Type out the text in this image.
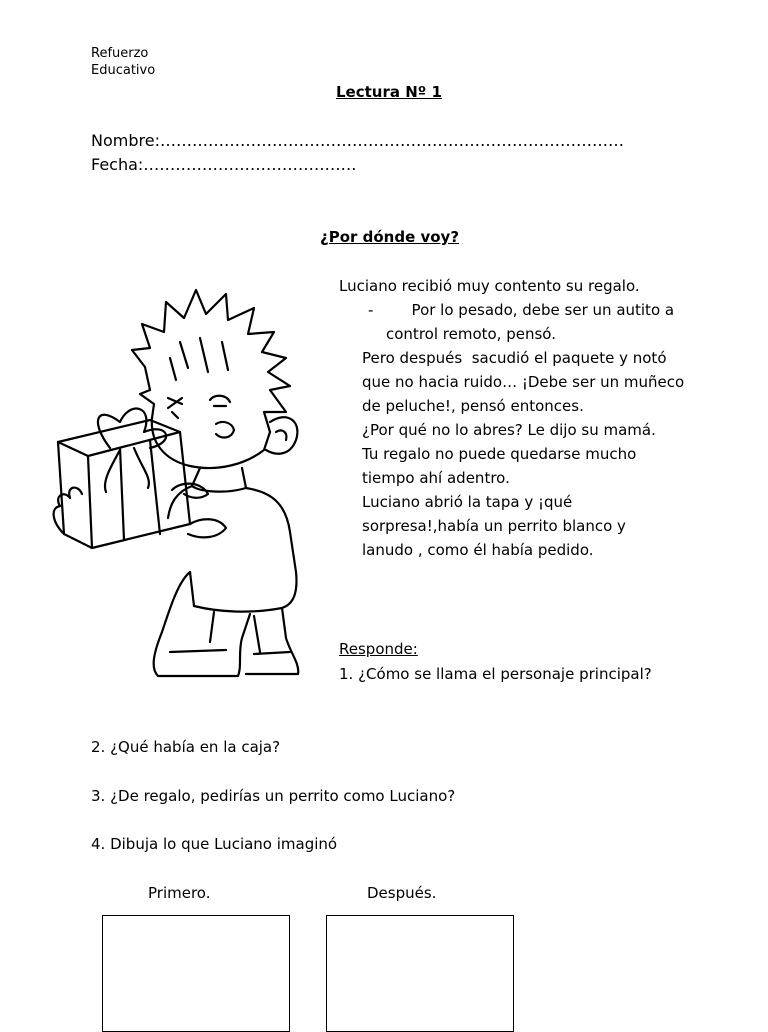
Refuerzo
Educativo
Lectura Nº 1
Nombre:……………………………………………………………………………
Fecha:………………………………….
¿Por dónde voy?
Luciano recibió muy contento su regalo.
-        Por lo pesado, debe ser un autito a
control remoto, pensó.
Pero después  sacudió el paquete y notó
que no hacia ruido… ¡Debe ser un muñeco
de peluche!, pensó entonces.
¿Por qué no lo abres? Le dijo su mamá.
Tu regalo no puede quedarse mucho
tiempo ahí adentro.
Luciano abrió la tapa y ¡qué
sorpresa!,había un perrito blanco y
lanudo , como él había pedido.
Responde:
1. ¿Cómo se llama el personaje principal?
2. ¿Qué había en la caja?
3. ¿De regalo, pedirías un perrito como Luciano?
4. Dibuja lo que Luciano imaginó
Primero.	Después.
